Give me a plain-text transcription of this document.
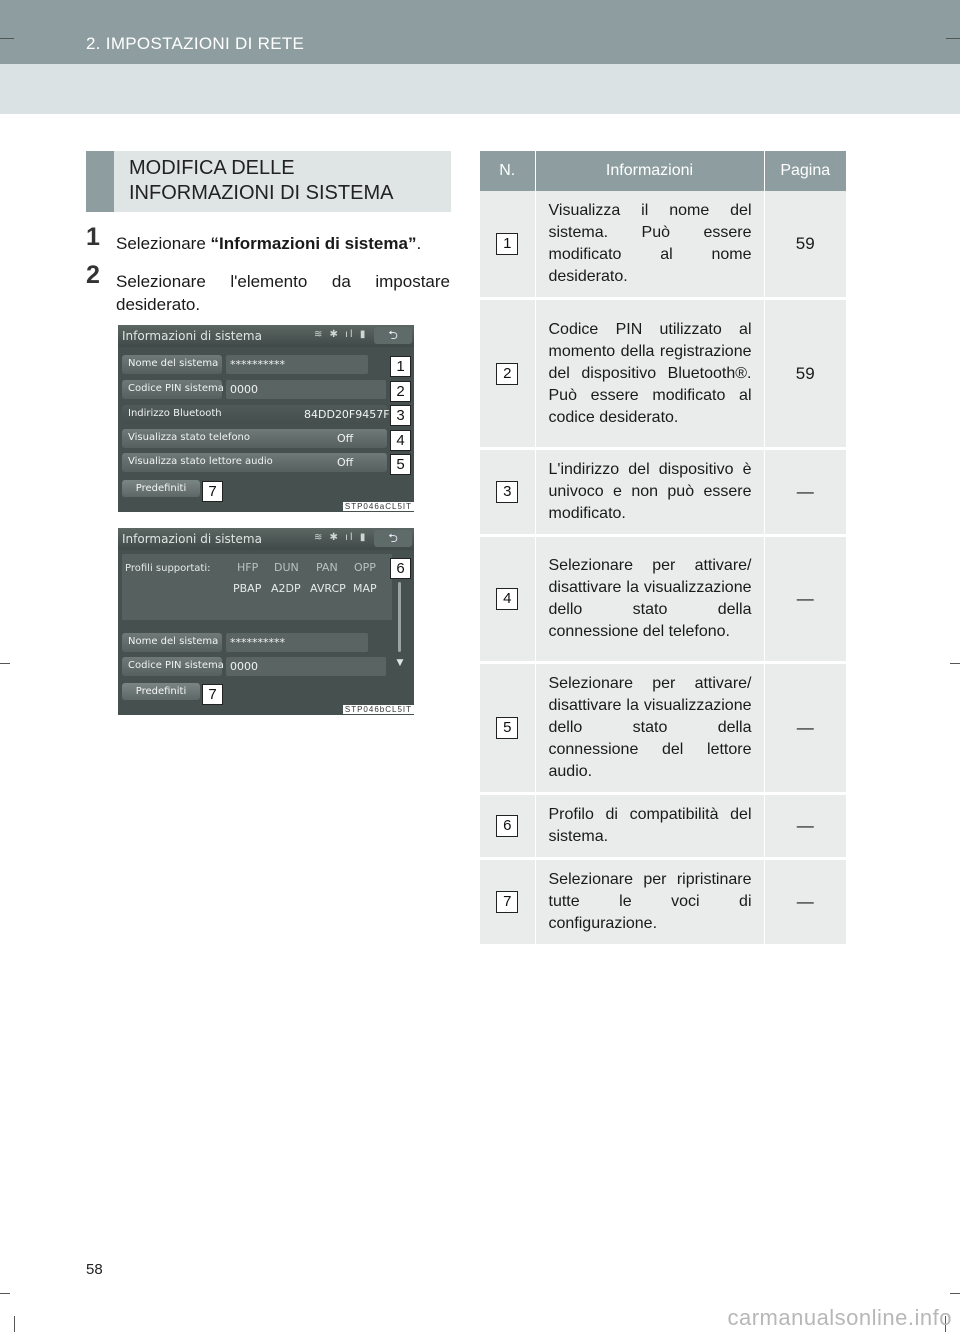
2. IMPOSTAZIONI DI RETE
MODIFICA DELLE
INFORMAZIONI DI SISTEMA
1 Selezionare “Informazioni di sistema”.
2 Selezionare l'elemento da impostare desiderato.
Informazioni di sistema	≋ ✱ ıl ▮	⮌
Nome del sistema **********
Codice PIN sistema 0000
Indirizzo Bluetooth	84DD20F9457F
Visualizza stato telefono	Off
Visualizza stato lettore audio	Off
Predefiniti
1
2
3
4
5
7
STP046aCL5IT
Informazioni di sistema	≋ ✱ ıl ▮	⮌
Profili supportati: HFP DUN PAN OPP
PBAP A2DP AVRCP MAP
▼
Nome del sistema **********
Codice PIN sistema 0000
Predefiniti
6
7
STP046bCL5IT
N.	Informazioni	Pagina

1	Visualizza il nome del sistema. Può essere modificato al nome desiderato.	59

2	Codice PIN utilizzato al momento della registrazione del dispositivo Bluetooth®. Può essere modificato al codice desiderato.	59

3	L'indirizzo del dispositivo è univoco e non può essere modificato.	—

4	Selezionare per attivare/ disattivare la visualizzazione dello stato della connessione del telefono.	—

5	Selezionare per attivare/ disattivare la visualizzazione dello stato della connessione del lettore audio.	—

6	Profilo di compatibilità del sistema.	—

7	Selezionare per ripristinare tutte le voci di configurazione.	—
58
carmanualsonline.info
